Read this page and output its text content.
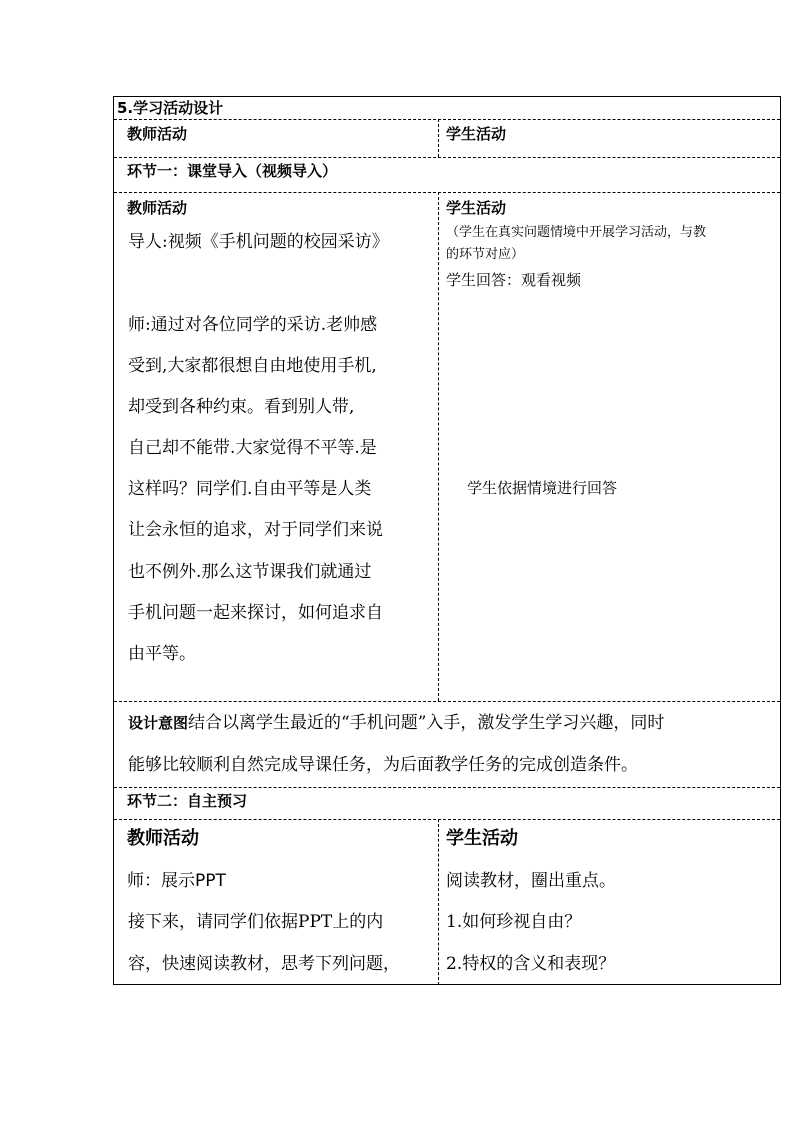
5.学习活动设计
教师活动	学生活动
环节一：课堂导入（视频导入）
教师活动
导人:视频《手机问题的校园采访》
师:通过对各位同学的采访.老帅感
受到,大家都很想自由地使用手机,
却受到各种约束。看到别人带,
自己却不能带.大家觉得不平等.是
这样吗？同学们.自由平等是人类
让会永恒的追求，对于同学们来说
也不例外.那么这节课我们就通过
手机问题一起来探讨，如何追求自
由平等。
学生活动
（学生在真实问题情境中开展学习活动，与教
的环节对应）
学生回答：观看视频
学生依据情境进行回答
设计意图结合以离学生最近的“手机问题”入手，激发学生学习兴趣，同时
能够比较顺利自然完成导课任务，为后面教学任务的完成创造条件。
环节二：自主预习
教师活动
师：展示PPT
接下来，请同学们依据PPT上的内
容，快速阅读教材，思考下列问题，
学生活动
阅读教材，圈出重点。
1.如何珍视自由？
2.特权的含义和表现？
